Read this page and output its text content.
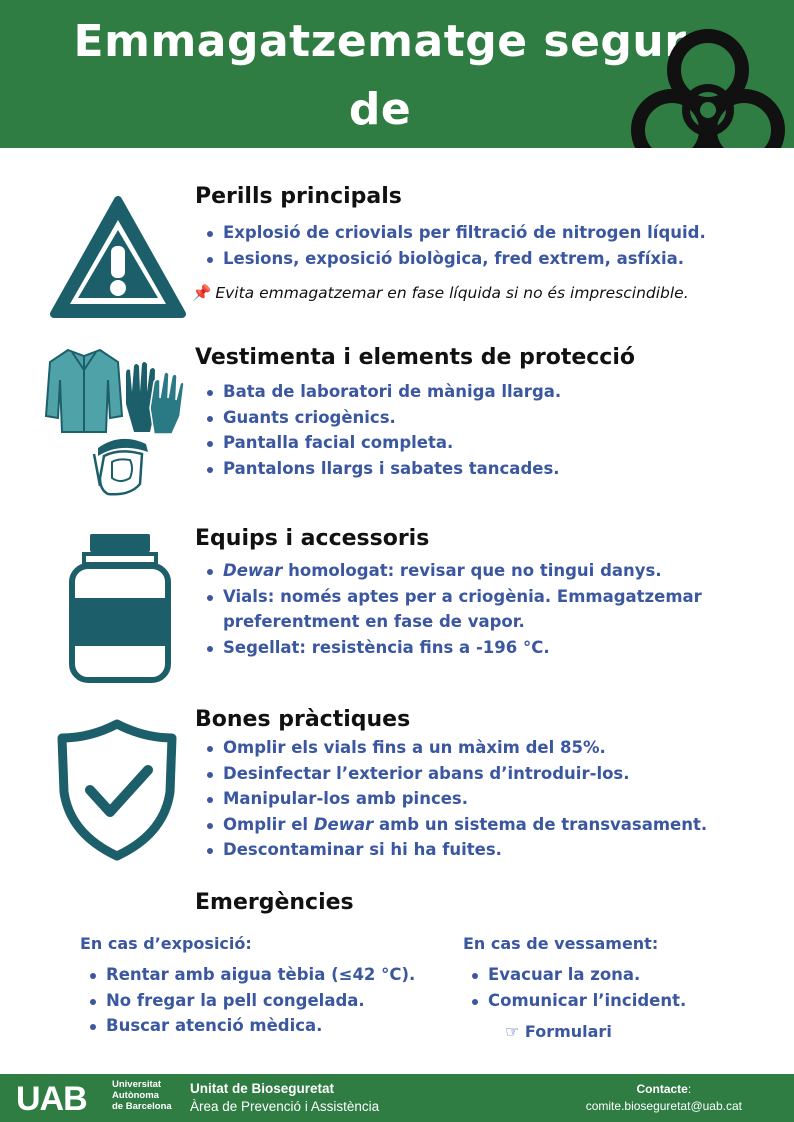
Emmagatzematge segur de
Perills principals
Explosió de criovials per filtració de nitrogen líquid.
Lesions, exposició biològica, fred extrem, asfíxia.
📌 Evita emmagatzemar en fase líquida si no és imprescindible.
Vestimenta i elements de protecció
Bata de laboratori de màniga llarga.
Guants criogènics.
Pantalla facial completa.
Pantalons llargs i sabates tancades.
Equips i accessoris
Dewar homologat: revisar que no tingui danys.
Vials: només aptes per a criogènia. Emmagatzemar
preferentment en fase de vapor.
Segellat: resistència fins a -196 °C.
Bones pràctiques
Omplir els vials fins a un màxim del 85%.
Desinfectar l’exterior abans d’introduir-los.
Manipular-los amb pinces.
Omplir el Dewar amb un sistema de transvasament.
Descontaminar si hi ha fuites.
Emergències
En cas d’exposició:
Rentar amb aigua tèbia (≤42 °C).
No fregar la pell congelada.
Buscar atenció mèdica.
En cas de vessament:
Evacuar la zona.
Comunicar l’incident.
☞ Formulari
UAB	Universitat
Autònoma
de Barcelona
Unitat de Bioseguretat
Àrea de Prevenció i Assistència
Contacte:
comite.bioseguretat@uab.cat
